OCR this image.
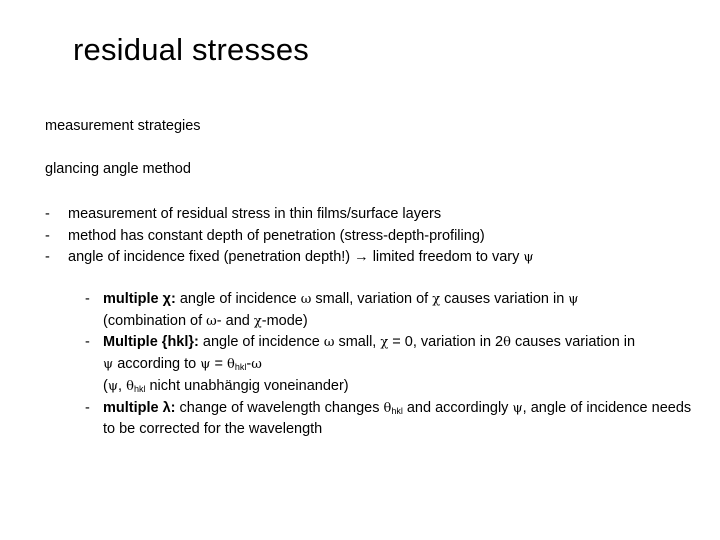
residual stresses
measurement strategies
glancing angle method
- measurement of residual stress in thin films/surface layers
- method has constant depth of penetration (stress-depth-profiling)
- angle of incidence fixed (penetration depth!) → limited freedom to vary ψ
- multiple χ: angle of incidence ω small, variation of χ causes variation in ψ
(combination of ω- and χ-mode)
- Multiple {hkl}: angle of incidence ω small, χ = 0, variation in 2θ causes variation in
ψ according to $\psi = \theta_{hkl}-\omega$
(ψ, $\theta_{hkl}$ nicht unabhängig voneinander)
- multiple λ: change of wavelength changes $\theta_{hkl}$ and accordingly ψ, angle of incidence needs to be corrected for the wavelength
